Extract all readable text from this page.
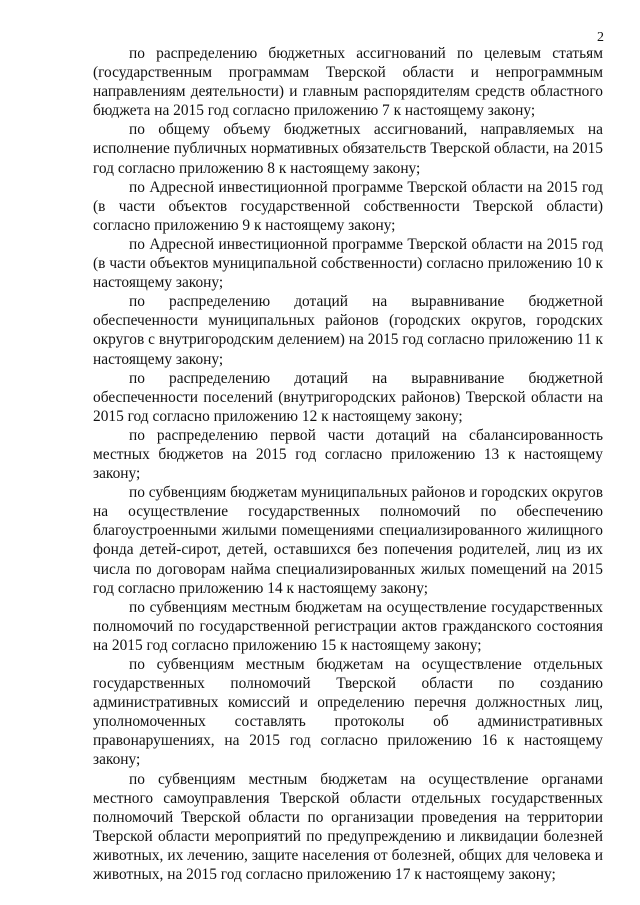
2

по распределению бюджетных ассигнований по целевым статьям (государственным программам Тверской области и непрограммным направлениям деятельности) и главным распорядителям средств областного бюджета на 2015 год согласно приложению 7 к настоящему закону;

по общему объему бюджетных ассигнований, направляемых на исполнение публичных нормативных обязательств Тверской области, на 2015 год согласно приложению 8 к настоящему закону;

по Адресной инвестиционной программе Тверской области на 2015 год (в части объектов государственной собственности Тверской области) согласно приложению 9 к настоящему закону;

по Адресной инвестиционной программе Тверской области на 2015 год (в части объектов муниципальной собственности) согласно приложению 10 к настоящему закону;

по распределению дотаций на выравнивание бюджетной обеспеченности муниципальных районов (городских округов, городских округов с внутригородским делением) на 2015 год согласно приложению 11 к настоящему закону;

по распределению дотаций на выравнивание бюджетной обеспеченности поселений (внутригородских районов) Тверской области на 2015 год согласно приложению 12 к настоящему закону;

по распределению первой части дотаций на сбалансированность местных бюджетов на 2015 год согласно приложению 13 к настоящему закону;

по субвенциям бюджетам муниципальных районов и городских округов на осуществление государственных полномочий по обеспечению благоустроенными жилыми помещениями специализированного жилищного фонда детей-сирот, детей, оставшихся без попечения родителей, лиц из их числа по договорам найма специализированных жилых помещений на 2015 год согласно приложению 14 к настоящему закону;

по субвенциям местным бюджетам на осуществление государственных полномочий по государственной регистрации актов гражданского состояния на 2015 год согласно приложению 15 к настоящему закону;

по субвенциям местным бюджетам на осуществление отдельных государственных полномочий Тверской области по созданию административных комиссий и определению перечня должностных лиц, уполномоченных составлять протоколы об административных правонарушениях, на 2015 год согласно приложению 16 к настоящему закону;

по субвенциям местным бюджетам на осуществление органами местного самоуправления Тверской области отдельных государственных полномочий Тверской области по организации проведения на территории Тверской области мероприятий по предупреждению и ликвидации болезней животных, их лечению, защите населения от болезней, общих для человека и животных, на 2015 год согласно приложению 17 к настоящему закону;
